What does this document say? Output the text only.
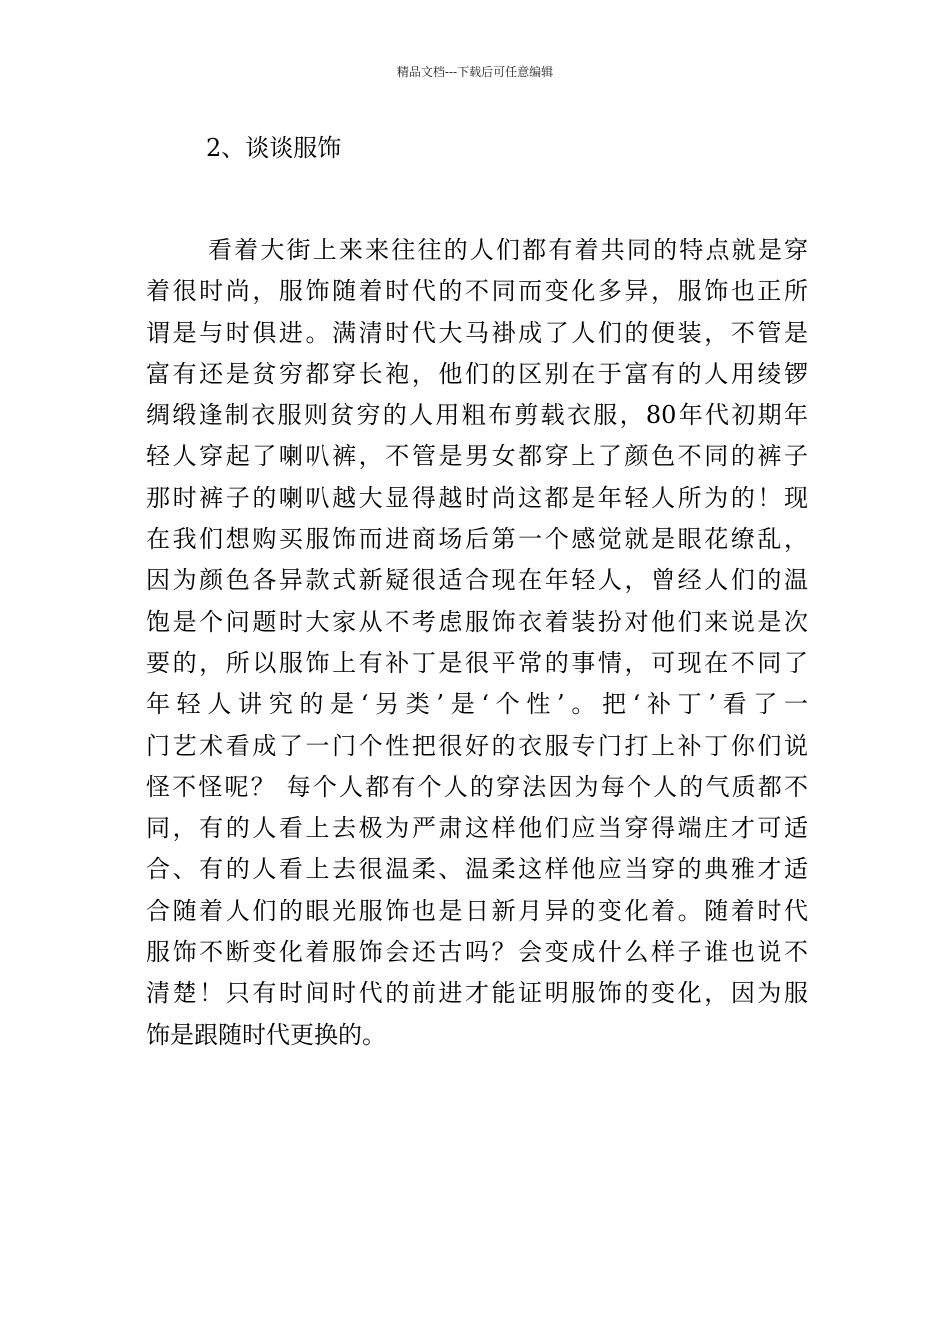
精品文档---下载后可任意编辑
2、谈谈服饰
看着大街上来来往往的人们都有着共同的特点就是穿
着很时尚，服饰随着时代的不同而变化多异，服饰也正所
谓是与时俱进。满清时代大马褂成了人们的便装，不管是
富有还是贫穷都穿长袍，他们的区别在于富有的人用绫锣
绸缎逢制衣服则贫穷的人用粗布剪载衣服，80年代初期年
轻人穿起了喇叭裤，不管是男女都穿上了颜色不同的裤子
那时裤子的喇叭越大显得越时尚这都是年轻人所为的！现
在我们想购买服饰而进商场后第一个感觉就是眼花缭乱，
因为颜色各异款式新疑很适合现在年轻人，曾经人们的温
饱是个问题时大家从不考虑服饰衣着装扮对他们来说是次
要的，所以服饰上有补丁是很平常的事情，可现在不同了
年轻人讲究的是‘另类’是‘个性’。把‘补丁’看了一
门艺术看成了一门个性把很好的衣服专门打上补丁你们说
怪不怪呢？ 每个人都有个人的穿法因为每个人的气质都不
同，有的人看上去极为严肃这样他们应当穿得端庄才可适
合、有的人看上去很温柔、温柔这样他应当穿的典雅才适
合随着人们的眼光服饰也是日新月异的变化着。随着时代
服饰不断变化着服饰会还古吗？会变成什么样子谁也说不
清楚！只有时间时代的前进才能证明服饰的变化，因为服
饰是跟随时代更换的。
